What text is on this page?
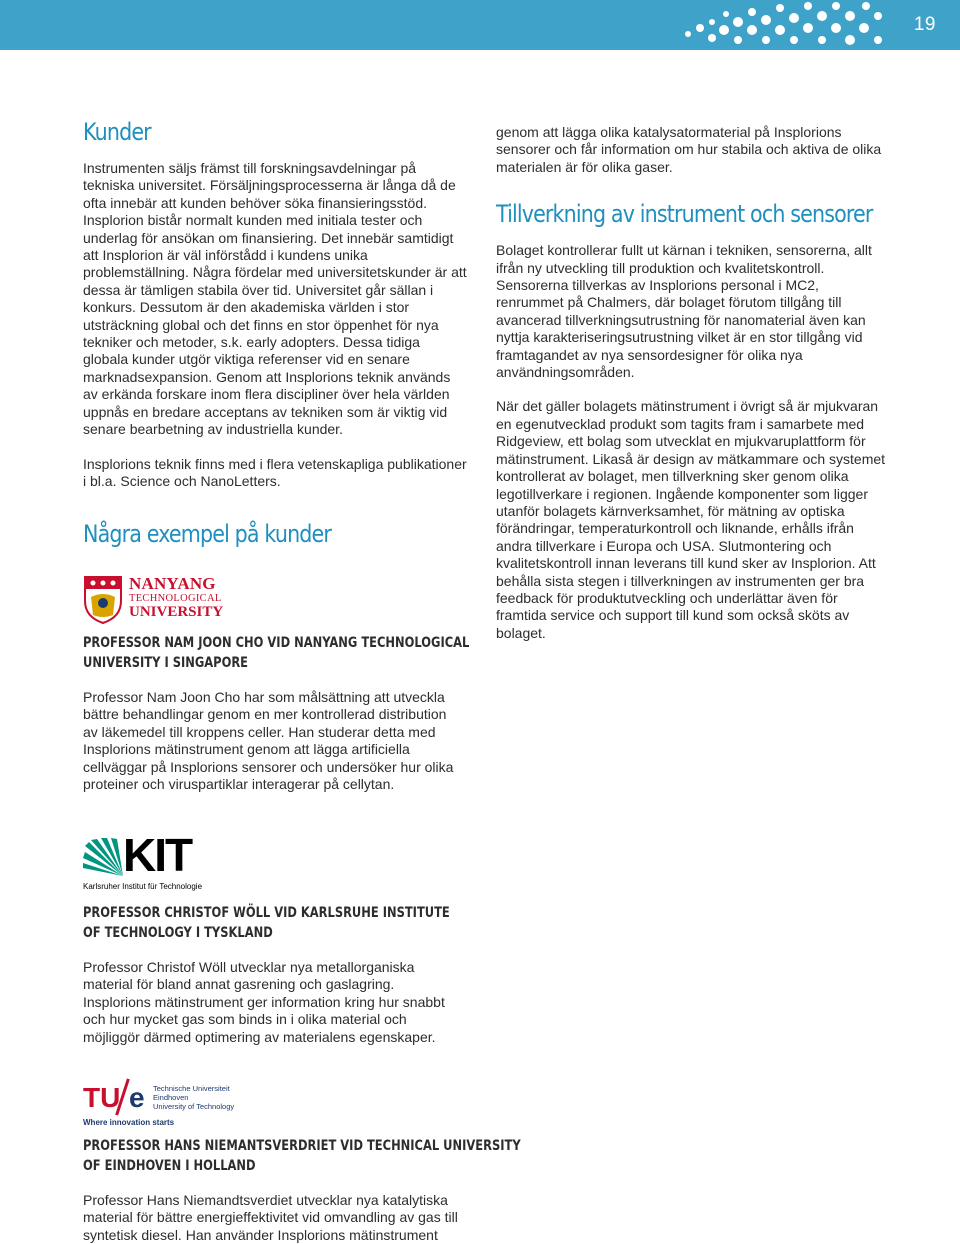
19
Kunder

Instrumenten säljs främst till forskningsavdelningar på tekniska universitet. Försäljningsprocesserna är långa då de ofta innebär att kunden behöver söka finansieringsstöd. Insplorion bistår normalt kunden med initiala tester och underlag för ansökan om finansiering. Det innebär samtidigt att Insplorion är väl införstådd i kundens unika problemställning. Några fördelar med universitetskunder är att dessa är tämligen stabila över tid. Universitet går sällan i konkurs. Dessutom är den akademiska världen i stor utsträckning global och det finns en stor öppenhet för nya tekniker och metoder, s.k. early adopters. Dessa tidiga globala kunder utgör viktiga referenser vid en senare marknadsexpansion. Genom att Insplorions teknik används av erkända forskare inom flera discipliner över hela världen uppnås en bredare acceptans av tekniken som är viktig vid senare bearbetning av industriella kunder.

Insplorions teknik finns med i flera vetenskapliga publikationer i bl.a. Science och NanoLetters.

Några exempel på kunder
NANYANG
TECHNOLOGICAL
UNIVERSITY
PROFESSOR NAM JOON CHO VID NANYANG TECHNOLOGICAL
UNIVERSITY I SINGAPORE

Professor Nam Joon Cho har som målsättning att utveckla bättre behandlingar genom en mer kontrollerad distribution av läkemedel till kroppens celler. Han studerar detta med Insplorions mätinstrument genom att lägga artificiella cellväggar på Insplorions sensorer och undersöker hur olika proteiner och viruspartiklar interagerar på cellytan.

KIT
Karlsruher Institut für Technologie
PROFESSOR CHRISTOF WÖLL VID KARLSRUHE INSTITUTE
OF TECHNOLOGY I TYSKLAND

Professor Christof Wöll utvecklar nya metallorganiska material för bland annat gasrening och gaslagring. Insplorions mätinstrument ger information kring hur snabbt och hur mycket gas som binds in i olika material och möjliggör därmed optimering av materialens egenskaper.

TU e Technische Universiteit
Eindhoven
University of Technology
Where innovation starts
PROFESSOR HANS NIEMANTSVERDRIET VID TECHNICAL UNIVERSITY
OF EINDHOVEN I HOLLAND

Professor Hans Niemandtsverdiet utvecklar nya katalytiska material för bättre energieffektivitet vid omvandling av gas till syntetisk diesel. Han använder Insplorions mätinstrument

genom att lägga olika katalysatormaterial på Insplorions sensorer och får information om hur stabila och aktiva de olika materialen är för olika gaser.

Tillverkning av instrument och sensorer

Bolaget kontrollerar fullt ut kärnan i tekniken, sensorerna, allt ifrån ny utveckling till produktion och kvalitetskontroll. Sensorerna tillverkas av Insplorions personal i MC2, renrummet på Chalmers, där bolaget förutom tillgång till avancerad tillverkningsutrustning för nanomaterial även kan nyttja karakteriseringsutrustning vilket är en stor tillgång vid framtagandet av nya sensordesigner för olika nya användningsområden.

När det gäller bolagets mätinstrument i övrigt så är mjukvaran en egenutvecklad produkt som tagits fram i samarbete med Ridgeview, ett bolag som utvecklat en mjukvaruplattform för mätinstrument. Likaså är design av mätkammare och systemet kontrollerat av bolaget, men tillverkning sker genom olika legotillverkare i regionen. Ingående komponenter som ligger utanför bolagets kärnverksamhet, för mätning av optiska förändringar, temperaturkontroll och liknande, erhålls ifrån andra tillverkare i Europa och USA. Slutmontering och kvalitetskontroll innan leverans till kund sker av Insplorion. Att behålla sista stegen i tillverkningen av instrumenten ger bra feedback för produktutveckling och underlättar även för framtida service och support till kund som också sköts av bolaget.
